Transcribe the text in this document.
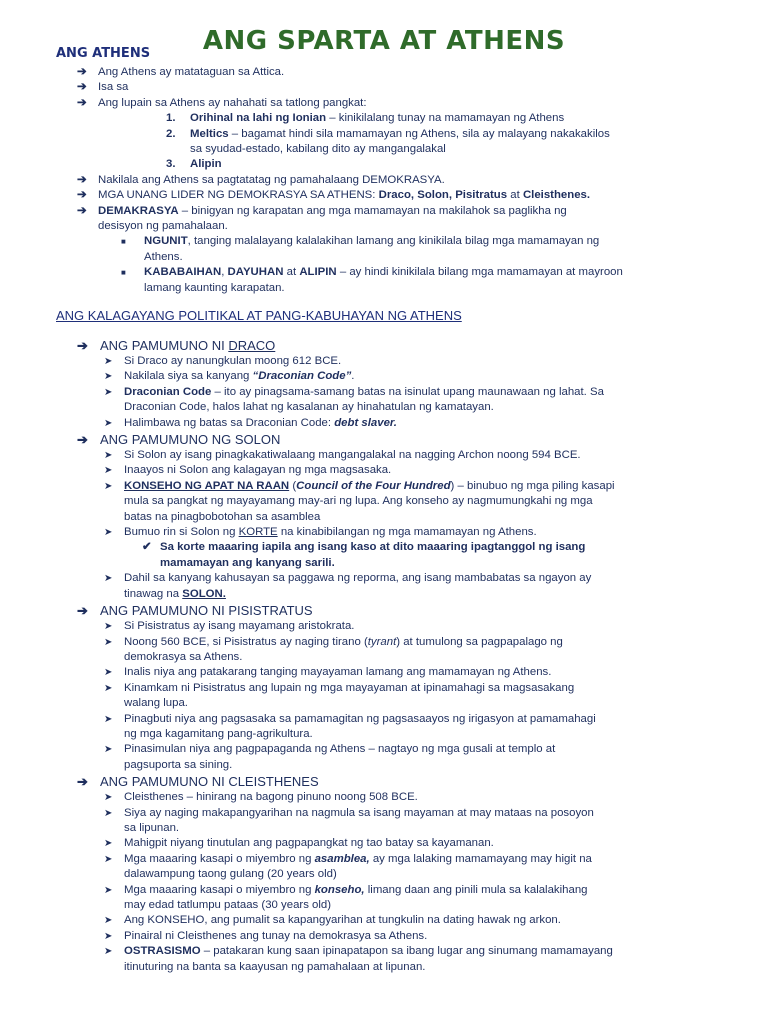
ANG SPARTA AT ATHENS
ANG ATHENS
➔ Ang Athens ay matataguan sa Attica.
➔ Isa sa
➔ Ang lupain sa Athens ay nahahati sa tatlong pangkat:
1. Orihinal na lahi ng Ionian – kinikilalang tunay na mamamayan ng Athens
2. Meltics – bagamat hindi sila mamamayan ng Athens, sila ay malayang nakakakilos
sa syudad-estado, kabilang dito ay mangangalakal
3. Alipin
➔ Nakilala ang Athens sa pagtatatag ng pamahalaang DEMOKRASYA.
➔ MGA UNANG LIDER NG DEMOKRASYA SA ATHENS: Draco, Solon, Pisitratus at Cleisthenes.
➔ DEMAKRASYA – binigyan ng karapatan ang mga mamamayan na makilahok sa paglikha ng
desisyon ng pamahalaan.
■ NGUNIT, tanging malalayang kalalakihan lamang ang kinikilala bilag mga mamamayan ng
Athens.
■ KABABAIHAN, DAYUHAN at ALIPIN – ay hindi kinikilala bilang mga mamamayan at mayroon
lamang kaunting karapatan.
ANG KALAGAYANG POLITIKAL AT PANG-KABUHAYAN NG ATHENS
➔ ANG PAMUMUNO NI DRACO
➤ Si Draco ay nanungkulan moong 612 BCE.
➤ Nakilala siya sa kanyang “Draconian Code”.
➤ Draconian Code – ito ay pinagsama-samang batas na isinulat upang maunawaan ng lahat. Sa
Draconian Code, halos lahat ng kasalanan ay hinahatulan ng kamatayan.
➤ Halimbawa ng batas sa Draconian Code: debt slaver.
➔ ANG PAMUMUNO NG SOLON
➤ Si Solon ay isang pinagkakatiwalaang mangangalakal na nagging Archon noong 594 BCE.
➤ Inaayos ni Solon ang kalagayan ng mga magsasaka.
➤ KONSEHO NG APAT NA RAAN (Council of the Four Hundred) – binubuo ng mga piling kasapi
mula sa pangkat ng mayayamang may-ari ng lupa. Ang konseho ay nagmumungkahi ng mga
batas na pinagbobotohan sa asamblea
➤ Bumuo rin si Solon ng KORTE na kinabibilangan ng mga mamamayan ng Athens.
✔ Sa korte maaaring iapila ang isang kaso at dito maaaring ipagtanggol ng isang
mamamayan ang kanyang sarili.
➤ Dahil sa kanyang kahusayan sa paggawa ng reporma, ang isang mambabatas sa ngayon ay
tinawag na SOLON.
➔ ANG PAMUMUNO NI PISISTRATUS
➤ Si Pisistratus ay isang mayamang aristokrata.
➤ Noong 560 BCE, si Pisistratus ay naging tirano (tyrant) at tumulong sa pagpapalago ng
demokrasya sa Athens.
➤ Inalis niya ang patakarang tanging mayayaman lamang ang mamamayan ng Athens.
➤ Kinamkam ni Pisistratus ang lupain ng mga mayayaman at ipinamahagi sa magsasakang
walang lupa.
➤ Pinagbuti niya ang pagsasaka sa pamamagitan ng pagsasaayos ng irigasyon at pamamahagi
ng mga kagamitang pang-agrikultura.
➤ Pinasimulan niya ang pagpapaganda ng Athens – nagtayo ng mga gusali at templo at
pagsuporta sa sining.
➔ ANG PAMUMUNO NI CLEISTHENES
➤ Cleisthenes – hinirang na bagong pinuno noong 508 BCE.
➤ Siya ay naging makapangyarihan na nagmula sa isang mayaman at may mataas na posoyon
sa lipunan.
➤ Mahigpit niyang tinutulan ang pagpapangkat ng tao batay sa kayamanan.
➤ Mga maaaring kasapi o miyembro ng asamblea, ay mga lalaking mamamayang may higit na
dalawampung taong gulang (20 years old)
➤ Mga maaaring kasapi o miyembro ng konseho, limang daan ang pinili mula sa kalalakihang
may edad tatlumpu pataas (30 years old)
➤ Ang KONSEHO, ang pumalit sa kapangyarihan at tungkulin na dating hawak ng arkon.
➤ Pinairal ni Cleisthenes ang tunay na demokrasya sa Athens.
➤ OSTRASISMO – patakaran kung saan ipinapatapon sa ibang lugar ang sinumang mamamayang
itinuturing na banta sa kaayusan ng pamahalaan at lipunan.
